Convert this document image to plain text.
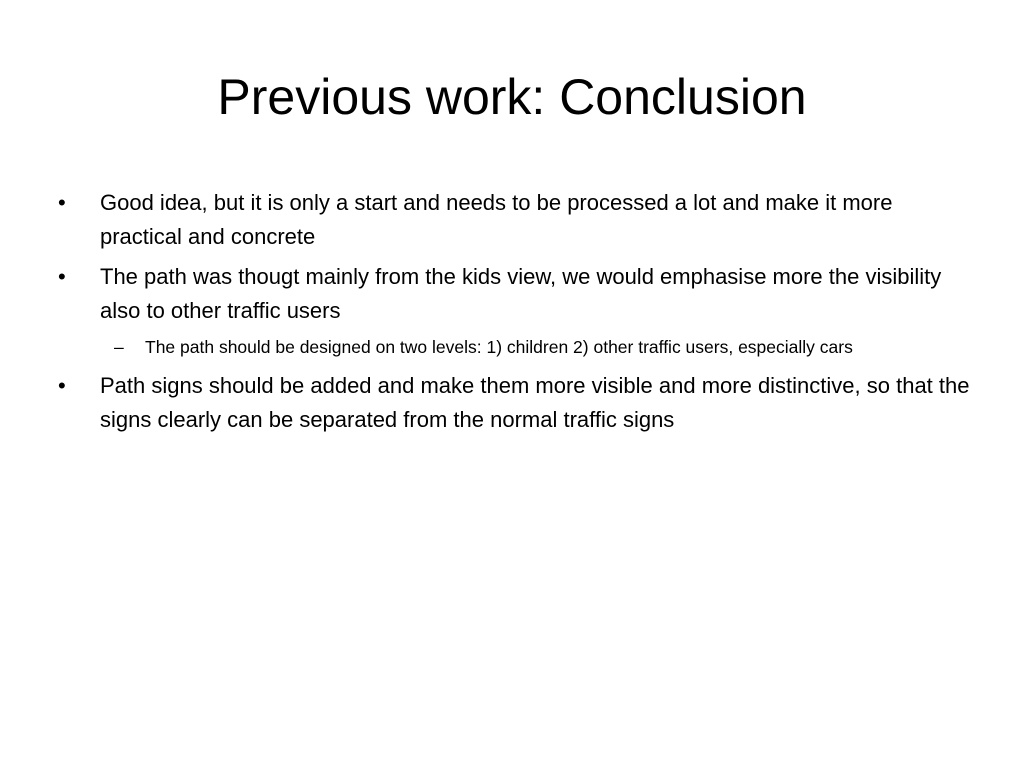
Previous work: Conclusion
• Good idea, but it is only a start and needs to be processed a lot and make it more practical and concrete
• The path was thougt mainly from the kids view, we would emphasise more the visibility also to other traffic users
– The path should be designed on two levels: 1) children 2) other traffic users, especially cars
• Path signs should be added and make them more visible and more distinctive, so that the signs clearly can be separated from the normal traffic signs
